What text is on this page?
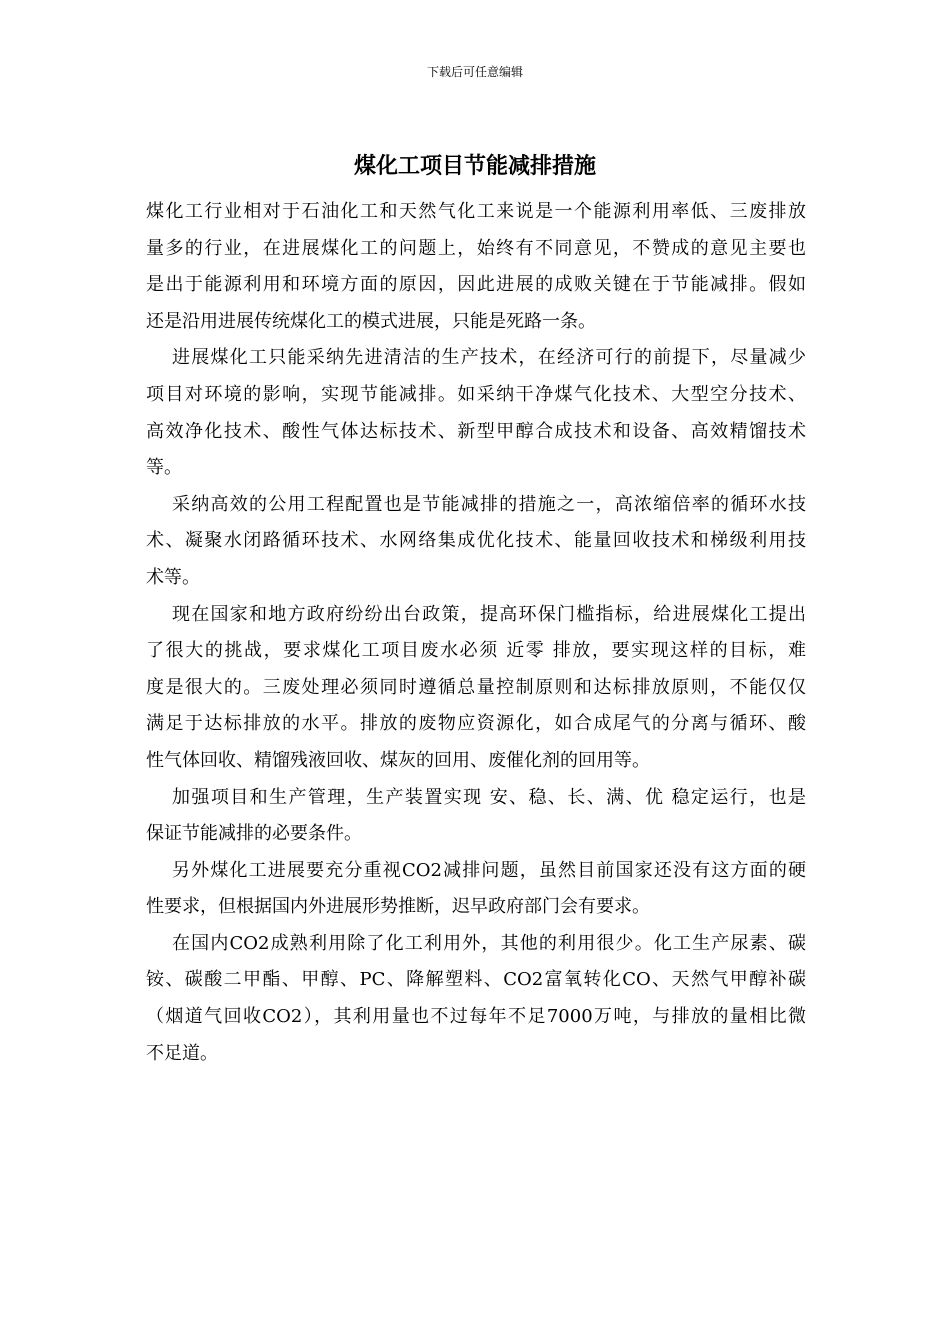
下载后可任意编辑
煤化工项目节能减排措施

煤化工行业相对于石油化工和天然气化工来说是一个能源利用率低、三废排放
量多的行业，在进展煤化工的问题上，始终有不同意见，不赞成的意见主要也
是出于能源利用和环境方面的原因，因此进展的成败关键在于节能减排。假如
还是沿用进展传统煤化工的模式进展，只能是死路一条。

进展煤化工只能采纳先进清洁的生产技术，在经济可行的前提下，尽量减少
项目对环境的影响，实现节能减排。如采纳干净煤气化技术、大型空分技术、
高效净化技术、酸性气体达标技术、新型甲醇合成技术和设备、高效精馏技术
等。

采纳高效的公用工程配置也是节能减排的措施之一，高浓缩倍率的循环水技
术、凝聚水闭路循环技术、水网络集成优化技术、能量回收技术和梯级利用技
术等。

现在国家和地方政府纷纷出台政策，提高环保门槛指标，给进展煤化工提出
了很大的挑战，要求煤化工项目废水必须 近零 排放，要实现这样的目标，难
度是很大的。三废处理必须同时遵循总量控制原则和达标排放原则，不能仅仅
满足于达标排放的水平。排放的废物应资源化，如合成尾气的分离与循环、酸
性气体回收、精馏残液回收、煤灰的回用、废催化剂的回用等。

加强项目和生产管理，生产装置实现 安、稳、长、满、优 稳定运行，也是
保证节能减排的必要条件。

另外煤化工进展要充分重视CO2减排问题，虽然目前国家还没有这方面的硬
性要求，但根据国内外进展形势推断，迟早政府部门会有要求。

在国内CO2成熟利用除了化工利用外，其他的利用很少。化工生产尿素、碳
铵、碳酸二甲酯、甲醇、PC、降解塑料、CO2富氧转化CO、天然气甲醇补碳
（烟道气回收CO2），其利用量也不过每年不足7000万吨，与排放的量相比微
不足道。
